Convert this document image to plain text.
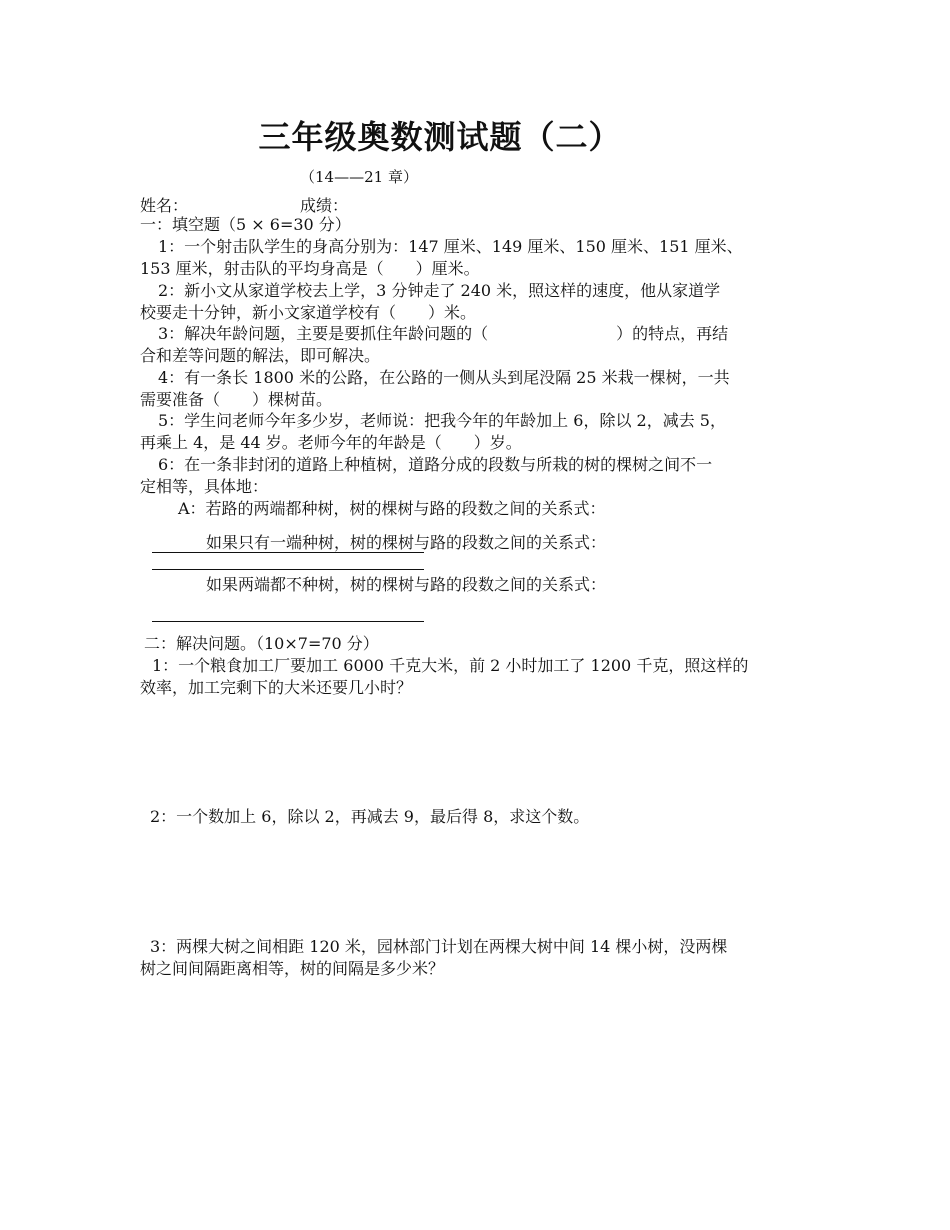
三年级奥数测试题（二）
（14——21 章）
姓名：	成绩：
一：填空题（5 × 6=30 分）
1：一个射击队学生的身高分别为：147 厘米、149 厘米、150 厘米、151 厘米、
153 厘米，射击队的平均身高是（　　）厘米。
2：新小文从家道学校去上学，3 分钟走了 240 米，照这样的速度，他从家道学
校要走十分钟，新小文家道学校有（　　）米。
3：解决年龄问题，主要是要抓住年龄问题的（　　　　　　　　）的特点，再结
合和差等问题的解法，即可解决。
4：有一条长 1800 米的公路，在公路的一侧从头到尾没隔 25 米栽一棵树，一共
需要准备（　　）棵树苗。
5：学生问老师今年多少岁，老师说：把我今年的年龄加上 6，除以 2，减去 5，
再乘上 4，是 44 岁。老师今年的年龄是（　　）岁。
6：在一条非封闭的道路上种植树，道路分成的段数与所栽的树的棵树之间不一
定相等，具体地：
A：若路的两端都种树，树的棵树与路的段数之间的关系式：
如果只有一端种树，树的棵树与路的段数之间的关系式：
如果两端都不种树，树的棵树与路的段数之间的关系式：
二：解决问题。（10×7=70 分）
1：一个粮食加工厂要加工 6000 千克大米，前 2 小时加工了 1200 千克，照这样的
效率，加工完剩下的大米还要几小时？
2：一个数加上 6，除以 2，再减去 9，最后得 8，求这个数。
3：两棵大树之间相距 120 米，园林部门计划在两棵大树中间 14 棵小树，没两棵
树之间间隔距离相等，树的间隔是多少米？
